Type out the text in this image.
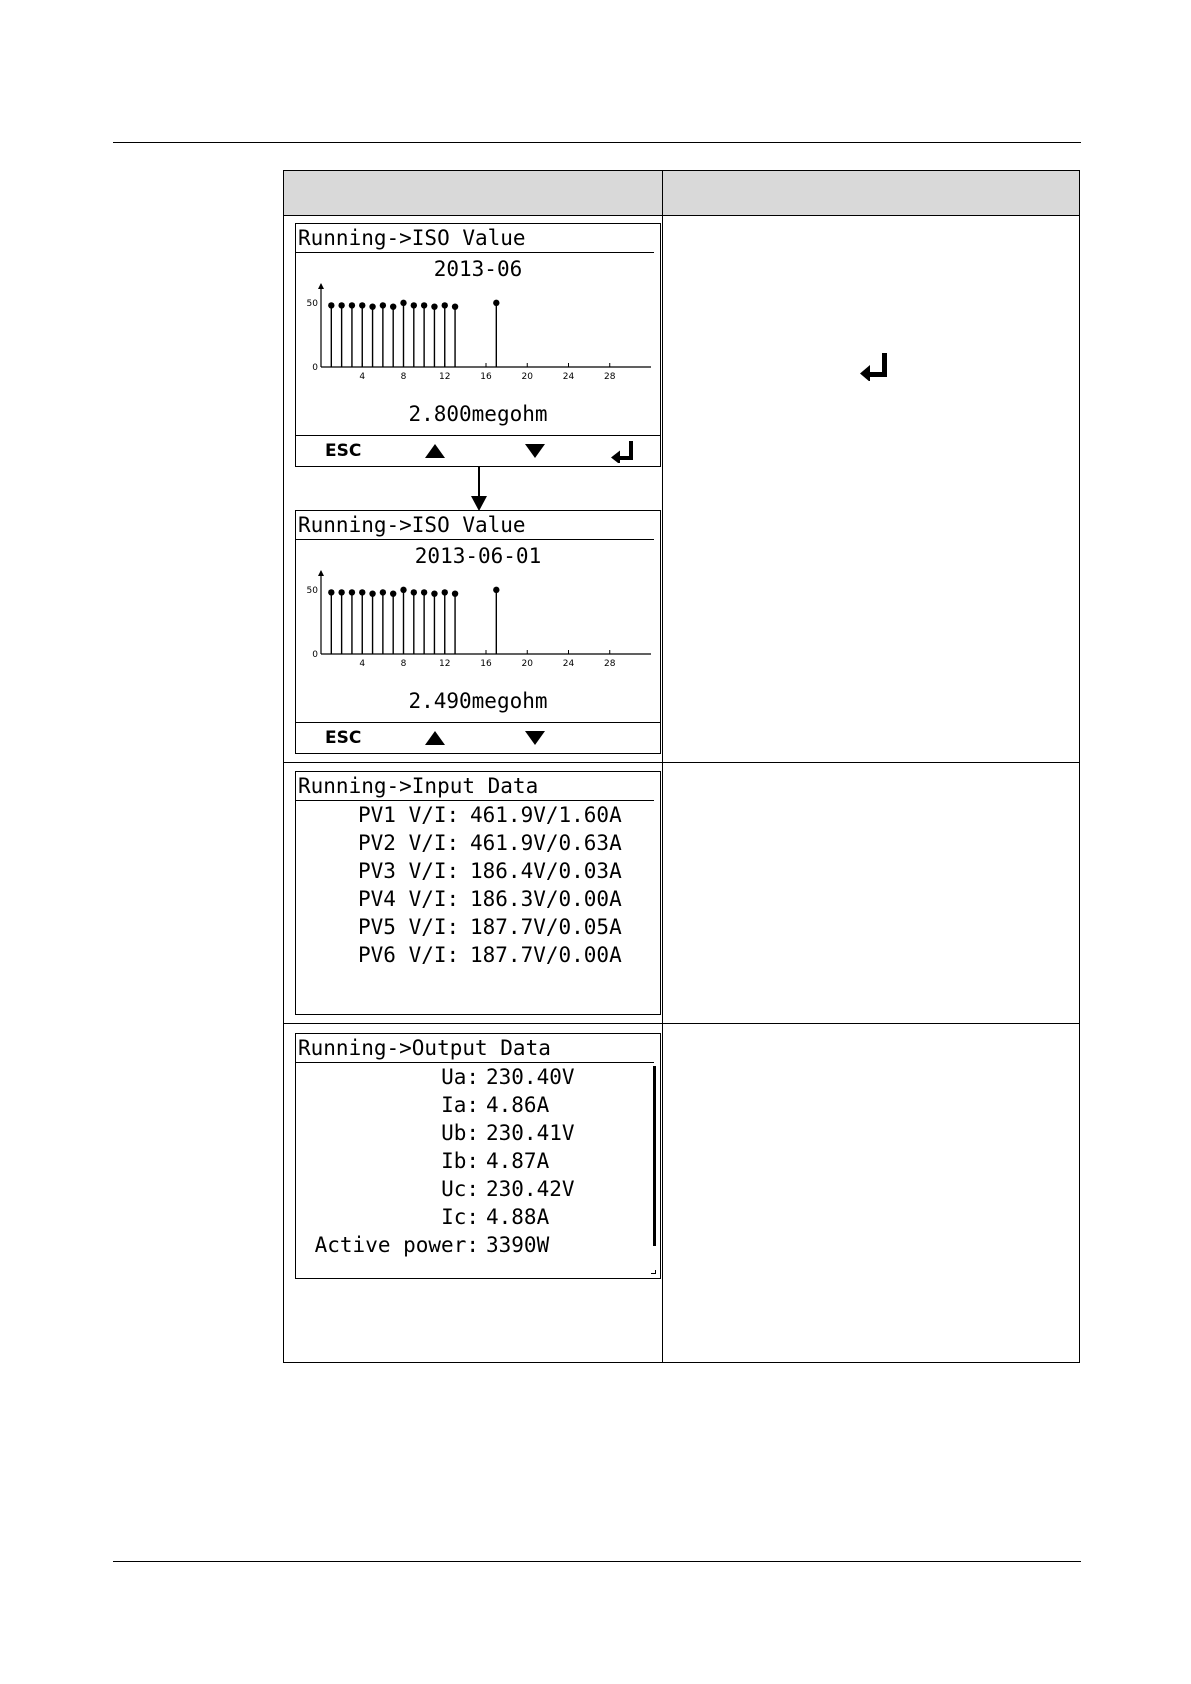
Running->ISO Value
2013-06
0
50
4	8	12	16	20	24	28
2.800megohm
ESC
Running->ISO Value
2013-06-01
0
50
4	8	12	16	20	24	28
2.490megohm
ESC
Running->Input Data
PV1 V/I: 461.9V/1.60A
PV2 V/I: 461.9V/0.63A
PV3 V/I: 186.4V/0.03A
PV4 V/I: 186.3V/0.00A
PV5 V/I: 187.7V/0.05A
PV6 V/I: 187.7V/0.00A
Running->Output Data
Ua: 230.40V
Ia: 4.86A
Ub: 230.41V
Ib: 4.87A
Uc: 230.42V
Ic: 4.88A
Active power: 3390W
